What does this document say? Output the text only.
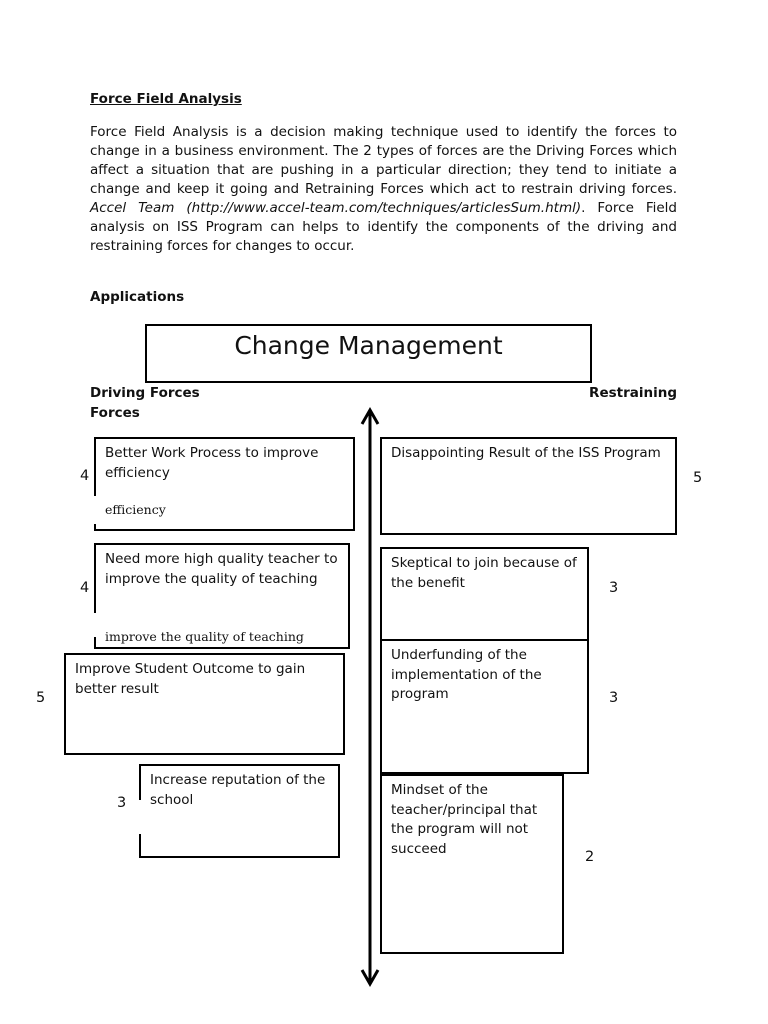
Force Field Analysis

Force Field Analysis is a decision making technique used to identify the forces to change in a business environment. The 2 types of forces are the Driving Forces which affect a situation that are pushing in a particular direction; they tend to initiate a change and keep it going and Retraining Forces which act to restrain driving forces. Accel Team (http://www.accel-team.com/techniques/articlesSum.html). Force Field analysis on ISS Program can helps to identify the components of the driving and restraining forces for changes to occur.

Applications
Change Management
Driving Forces
Forces
Restraining
Better Work Process to improve efficiency
efficiency
4
Need more high quality teacher to improve the quality of teaching
improve the quality of teaching
4
Improve Student Outcome to gain better result
5
Increase reputation of the school
3
Disappointing Result of the ISS Program
5
Skeptical to join because of the benefit	3
Underfunding of the implementation of the program	3
Mindset of the teacher/principal that the program will not succeed
2
